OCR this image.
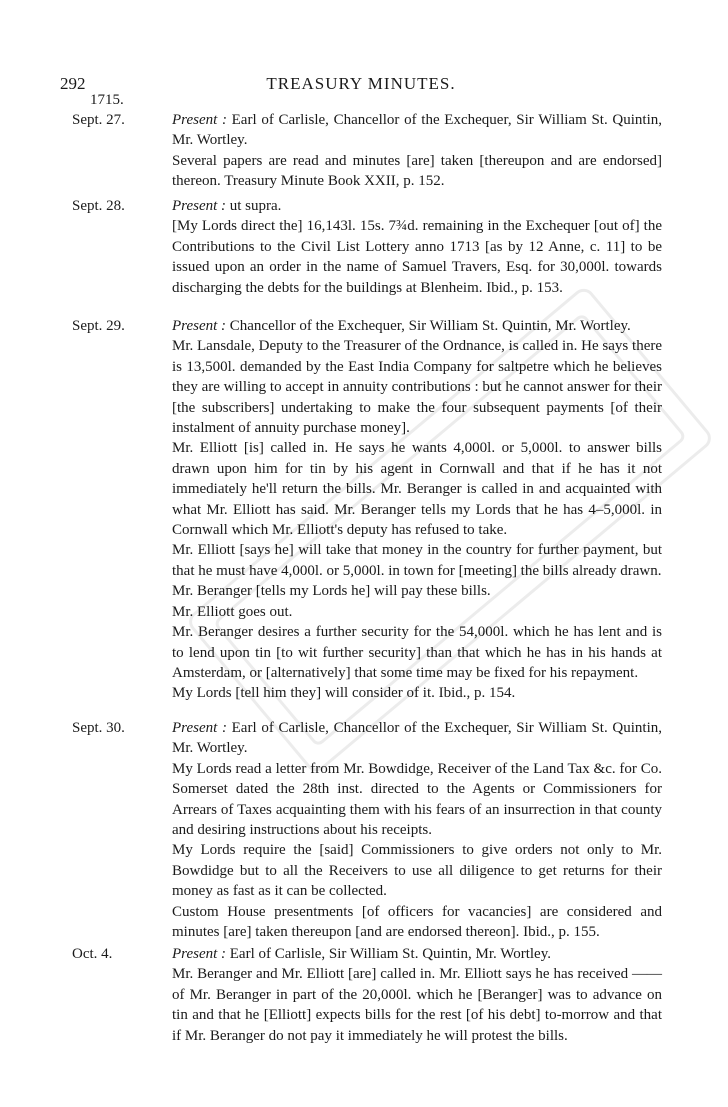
292	TREASURY MINUTES.
1715.
Sept. 27.	Present : Earl of Carlisle, Chancellor of the Exchequer, Sir William St. Quintin, Mr. Wortley.

Several papers are read and minutes [are] taken [thereupon and are endorsed] thereon. Treasury Minute Book XXII, p. 152.

Sept. 28.	Present : ut supra.

[My Lords direct the] 16,143l. 15s. 7¾d. remaining in the Exchequer [out of] the Contributions to the Civil List Lottery anno 1713 [as by 12 Anne, c. 11] to be issued upon an order in the name of Samuel Travers, Esq. for 30,000l. towards discharging the debts for the buildings at Blenheim. Ibid., p. 153.

Sept. 29.	Present : Chancellor of the Exchequer, Sir William St. Quintin, Mr. Wortley.

Mr. Lansdale, Deputy to the Treasurer of the Ordnance, is called in. He says there is 13,500l. demanded by the East India Company for saltpetre which he believes they are willing to accept in annuity contributions : but he cannot answer for their [the subscribers] undertaking to make the four subsequent payments [of their instalment of annuity purchase money].

Mr. Elliott [is] called in. He says he wants 4,000l. or 5,000l. to answer bills drawn upon him for tin by his agent in Cornwall and that if he has it not immediately he'll return the bills. Mr. Beranger is called in and acquainted with what Mr. Elliott has said. Mr. Beranger tells my Lords that he has 4–5,000l. in Cornwall which Mr. Elliott's deputy has refused to take.

Mr. Elliott [says he] will take that money in the country for further payment, but that he must have 4,000l. or 5,000l. in town for [meeting] the bills already drawn.

Mr. Beranger [tells my Lords he] will pay these bills.

Mr. Elliott goes out.

Mr. Beranger desires a further security for the 54,000l. which he has lent and is to lend upon tin [to wit further security] than that which he has in his hands at Amsterdam, or [alternatively] that some time may be fixed for his repayment.

My Lords [tell him they] will consider of it. Ibid., p. 154.

Sept. 30.	Present : Earl of Carlisle, Chancellor of the Exchequer, Sir William St. Quintin, Mr. Wortley.

My Lords read a letter from Mr. Bowdidge, Receiver of the Land Tax &c. for Co. Somerset dated the 28th inst. directed to the Agents or Commissioners for Arrears of Taxes acquainting them with his fears of an insurrection in that county and desiring instructions about his receipts.

My Lords require the [said] Commissioners to give orders not only to Mr. Bowdidge but to all the Receivers to use all diligence to get returns for their money as fast as it can be collected.

Custom House presentments [of officers for vacancies] are considered and minutes [are] taken thereupon [and are endorsed thereon]. Ibid., p. 155.

Oct. 4.	Present : Earl of Carlisle, Sir William St. Quintin, Mr. Wortley.

Mr. Beranger and Mr. Elliott [are] called in. Mr. Elliott says he has received —— of Mr. Beranger in part of the 20,000l. which he [Beranger] was to advance on tin and that he [Elliott] expects bills for the rest [of his debt] to-morrow and that if Mr. Beranger do not pay it immediately he will protest the bills.
